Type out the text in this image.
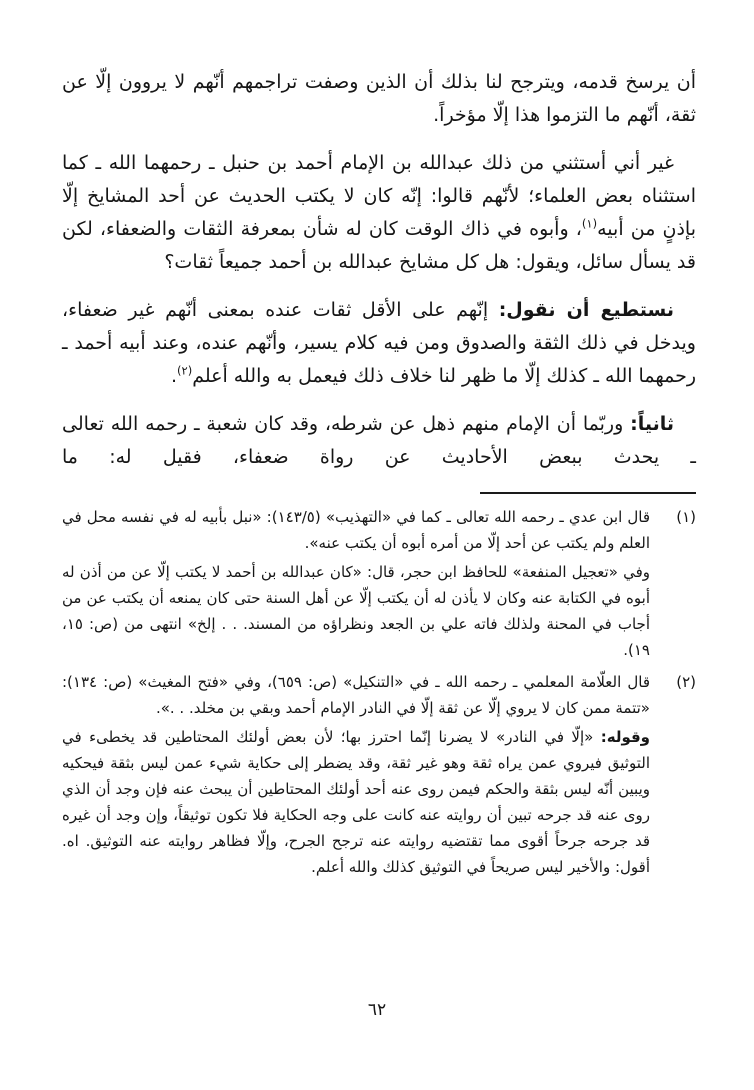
أن يرسخ قدمه، ويترجح لنا بذلك أن الذين وصفت تراجمهم أنّهم لا يروون إلّا عن ثقة، أنّهم ما التزموا هذا إلّا مؤخراً.

غير أني أستثني من ذلك عبدالله بن الإمام أحمد بن حنبل ـ رحمهما الله ـ كما استثناه بعض العلماء؛ لأنّهم قالوا: إنّه كان لا يكتب الحديث عن أحد المشايخ إلّا بإذنٍ من أبيه$^{(١)}$، وأبوه في ذاك الوقت كان له شأن بمعرفة الثقات والضعفاء، لكن قد يسأل سائل، ويقول: هل كل مشايخ عبدالله بن أحمد جميعاً ثقات؟

نستطيع أن نقول: إنّهم على الأقل ثقات عنده بمعنى أنّهم غير ضعفاء، ويدخل في ذلك الثقة والصدوق ومن فيه كلام يسير، وأنّهم عنده، وعند أبيه أحمد ـ رحمهما الله ـ كذلك إلّا ما ظهر لنا خلاف ذلك فيعمل به والله أعلم$^{(٢)}$.

ثانياً: وربّما أن الإمام منهم ذهل عن شرطه، وقد كان شعبة ـ رحمه الله تعالى ـ يحدث ببعض الأحاديث عن رواة ضعفاء، فقيل له: ما

(١)

قال ابن عدي ـ رحمه الله تعالى ـ كما في «التهذيب» (١٤٣/٥): «نبل بأبيه له في نفسه محل في العلم ولم يكتب عن أحد إلّا من أمره أبوه أن يكتب عنه».

وفي «تعجيل المنفعة» للحافظ ابن حجر، قال: «كان عبدالله بن أحمد لا يكتب إلّا عن من أذن له أبوه في الكتابة عنه وكان لا يأذن له أن يكتب إلّا عن أهل السنة حتى كان يمنعه أن يكتب عن من أجاب في المحنة ولذلك فاته علي بن الجعد ونظراؤه من المسند. . . إلخ» انتهى من (ص: ١٥، ١٩).

(٢)

قال العلّامة المعلمي ـ رحمه الله ـ في «التنكيل» (ص: ٦٥٩)، وفي «فتح المغيث» (ص: ١٣٤): «تتمة ممن كان لا يروي إلّا عن ثقة إلّا في النادر الإمام أحمد وبقي بن مخلد. . .».

وقوله: «إلّا في النادر» لا يضرنا إنّما احترز بها؛ لأن بعض أولئك المحتاطين قد يخطىء في التوثيق فيروي عمن يراه ثقة وهو غير ثقة، وقد يضطر إلى حكاية شيء عمن ليس بثقة فيحكيه ويبين أنّه ليس بثقة والحكم فيمن روى عنه أحد أولئك المحتاطين أن يبحث عنه فإن وجد أن الذي روى عنه قد جرحه تبين أن روايته عنه كانت على وجه الحكاية فلا تكون توثيقاً، وإن وجد أن غيره قد جرحه جرحاً أقوى مما تقتضيه روايته عنه ترجح الجرح، وإلّا فظاهر روايته عنه التوثيق. اه. أقول: والأخير ليس صريحاً في التوثيق كذلك والله أعلم.

٦٢
